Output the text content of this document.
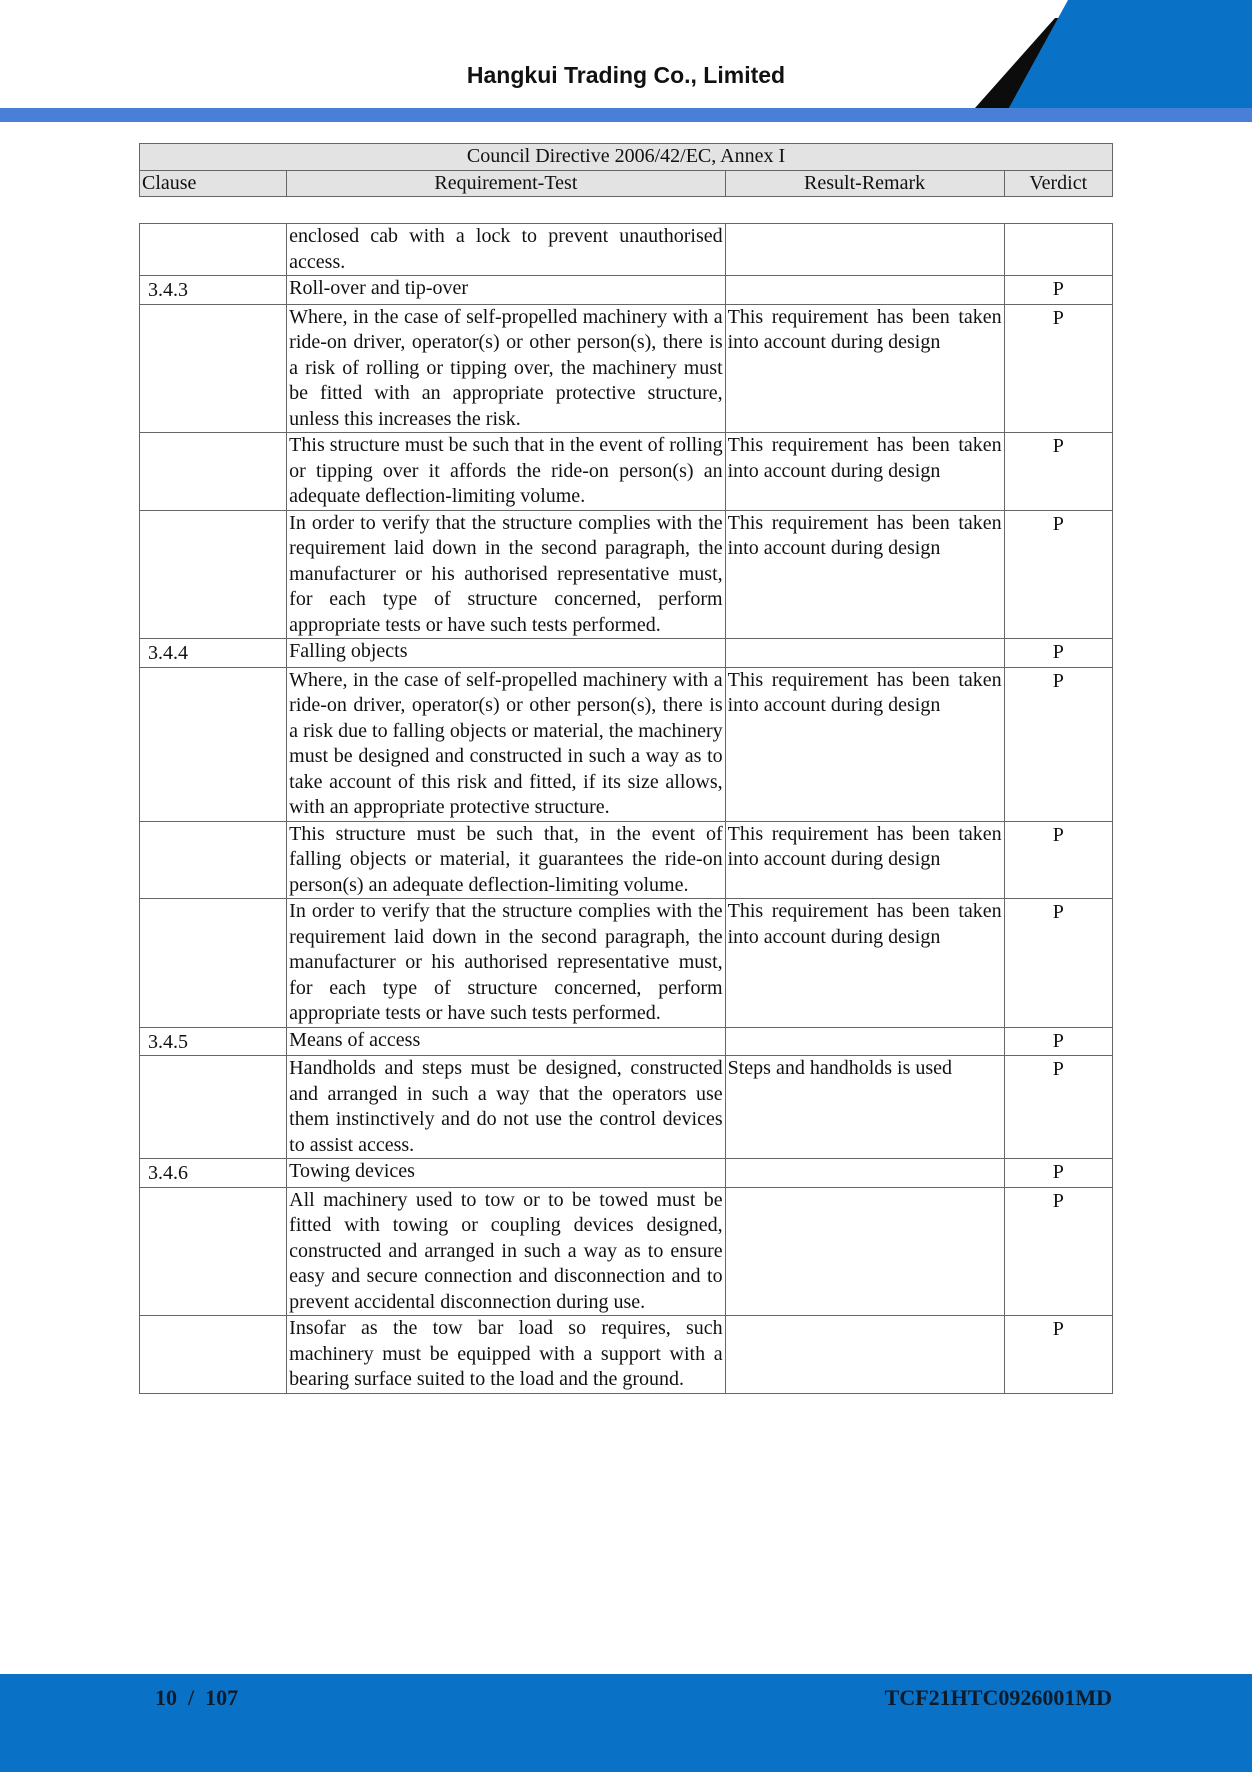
Hangkui Trading Co., Limited
Council Directive 2006/42/EC, Annex I
Clause	Requirement-Test	Result-Remark	Verdict
	enclosed cab with a lock to prevent unauthorised access.		
3.4.3	Roll-over and tip-over		P
	Where, in the case of self-propelled machinery with a ride-on driver, operator(s) or other person(s), there is a risk of rolling or tipping over, the machinery must be fitted with an appropriate protective structure, unless this increases the risk.	This requirement has been taken into account during design	P
	This structure must be such that in the event of rolling or tipping over it affords the ride-on person(s) an adequate deflection-limiting volume.	This requirement has been taken into account during design	P
	In order to verify that the structure complies with the requirement laid down in the second paragraph, the manufacturer or his authorised representative must, for each type of structure concerned, perform appropriate tests or have such tests performed.	This requirement has been taken into account during design	P
3.4.4	Falling objects		P
	Where, in the case of self-propelled machinery with a ride-on driver, operator(s) or other person(s), there is a risk due to falling objects or material, the machinery must be designed and constructed in such a way as to take account of this risk and fitted, if its size allows, with an appropriate protective structure.	This requirement has been taken into account during design	P
	This structure must be such that, in the event of falling objects or material, it guarantees the ride-on person(s) an adequate deflection-limiting volume.	This requirement has been taken into account during design	P
	In order to verify that the structure complies with the requirement laid down in the second paragraph, the manufacturer or his authorised representative must, for each type of structure concerned, perform appropriate tests or have such tests performed.	This requirement has been taken into account during design	P
3.4.5	Means of access		P
	Handholds and steps must be designed, constructed and arranged in such a way that the operators use them instinctively and do not use the control devices to assist access.	Steps and handholds is used	P
3.4.6	Towing devices		P
	All machinery used to tow or to be towed must be fitted with towing or coupling devices designed, constructed and arranged in such a way as to ensure easy and secure connection and disconnection and to prevent accidental disconnection during use.		P
	Insofar as the tow bar load so requires, such machinery must be equipped with a support with a bearing surface suited to the load and the ground.		P
10 / 107	TCF21HTC0926001MD
